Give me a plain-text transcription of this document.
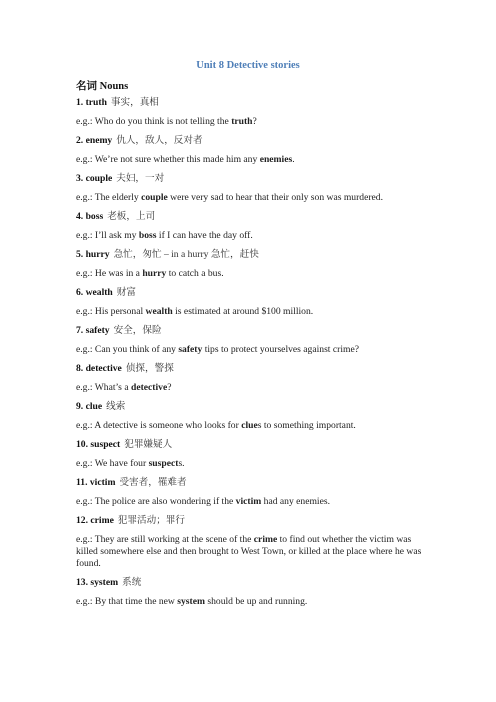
Unit 8 Detective stories
名词 Nouns
1. truth 事实，真相
e.g.: Who do you think is not telling the truth?
2. enemy 仇人，敌人，反对者
e.g.: We’re not sure whether this made him any enemies.
3. couple 夫妇，一对
e.g.: The elderly couple were very sad to hear that their only son was murdered.
4. boss 老板，上司
e.g.: I’ll ask my boss if I can have the day off.
5. hurry 急忙，匆忙 – in a hurry 急忙，赶快
e.g.: He was in a hurry to catch a bus.
6. wealth 财富
e.g.: His personal wealth is estimated at around $100 million.
7. safety 安全，保险
e.g.: Can you think of any safety tips to protect yourselves against crime?
8. detective 侦探，警探
e.g.: What’s a detective?
9. clue 线索
e.g.: A detective is someone who looks for clues to something important.
10. suspect 犯罪嫌疑人
e.g.: We have four suspects.
11. victim 受害者，罹难者
e.g.: The police are also wondering if the victim had any enemies.
12. crime 犯罪活动；罪行
e.g.: They are still working at the scene of the crime to find out whether the victim was killed somewhere else and then brought to West Town, or killed at the place where he was found.
13. system 系统
e.g.: By that time the new system should be up and running.
